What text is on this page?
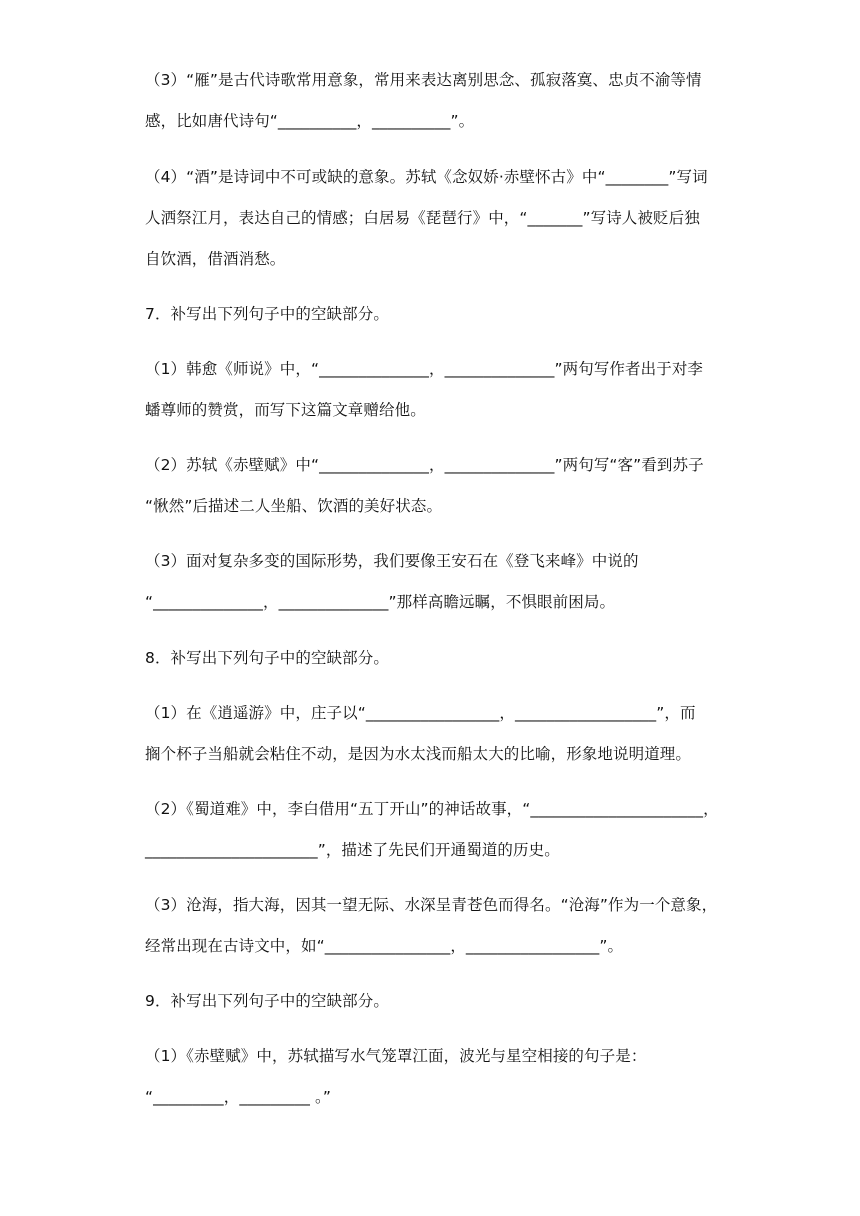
（3）“雁”是古代诗歌常用意象，常用来表达离别思念、孤寂落寞、忠贞不渝等情
感，比如唐代诗句“__________，__________”。
（4）“酒”是诗词中不可或缺的意象。苏轼《念奴娇·赤壁怀古》中“________”写词
人洒祭江月，表达自己的情感；白居易《琵琶行》中，“_______”写诗人被贬后独
自饮酒，借酒消愁。
7．补写出下列句子中的空缺部分。
（1）韩愈《师说》中，“______________，______________”两句写作者出于对李
蟠尊师的赞赏，而写下这篇文章赠给他。
（2）苏轼《赤壁赋》中“______________，______________”两句写“客”看到苏子
“愀然”后描述二人坐船、饮酒的美好状态。
（3）面对复杂多变的国际形势，我们要像王安石在《登飞来峰》中说的
“______________，______________”那样高瞻远瞩，不惧眼前困局。
8．补写出下列句子中的空缺部分。
（1）在《逍遥游》中，庄子以“_________________，__________________”，而
搁个杯子当船就会粘住不动，是因为水太浅而船太大的比喻，形象地说明道理。
（2）《蜀道难》中，李白借用“五丁开山”的神话故事，“______________________，
______________________”，描述了先民们开通蜀道的历史。
（3）沧海，指大海，因其一望无际、水深呈青苍色而得名。“沧海”作为一个意象，
经常出现在古诗文中，如“________________，_________________”。
9．补写出下列句子中的空缺部分。
（1）《赤壁赋》中，苏轼描写水气笼罩江面，波光与星空相接的句子是：
“_________，_________ 。”
